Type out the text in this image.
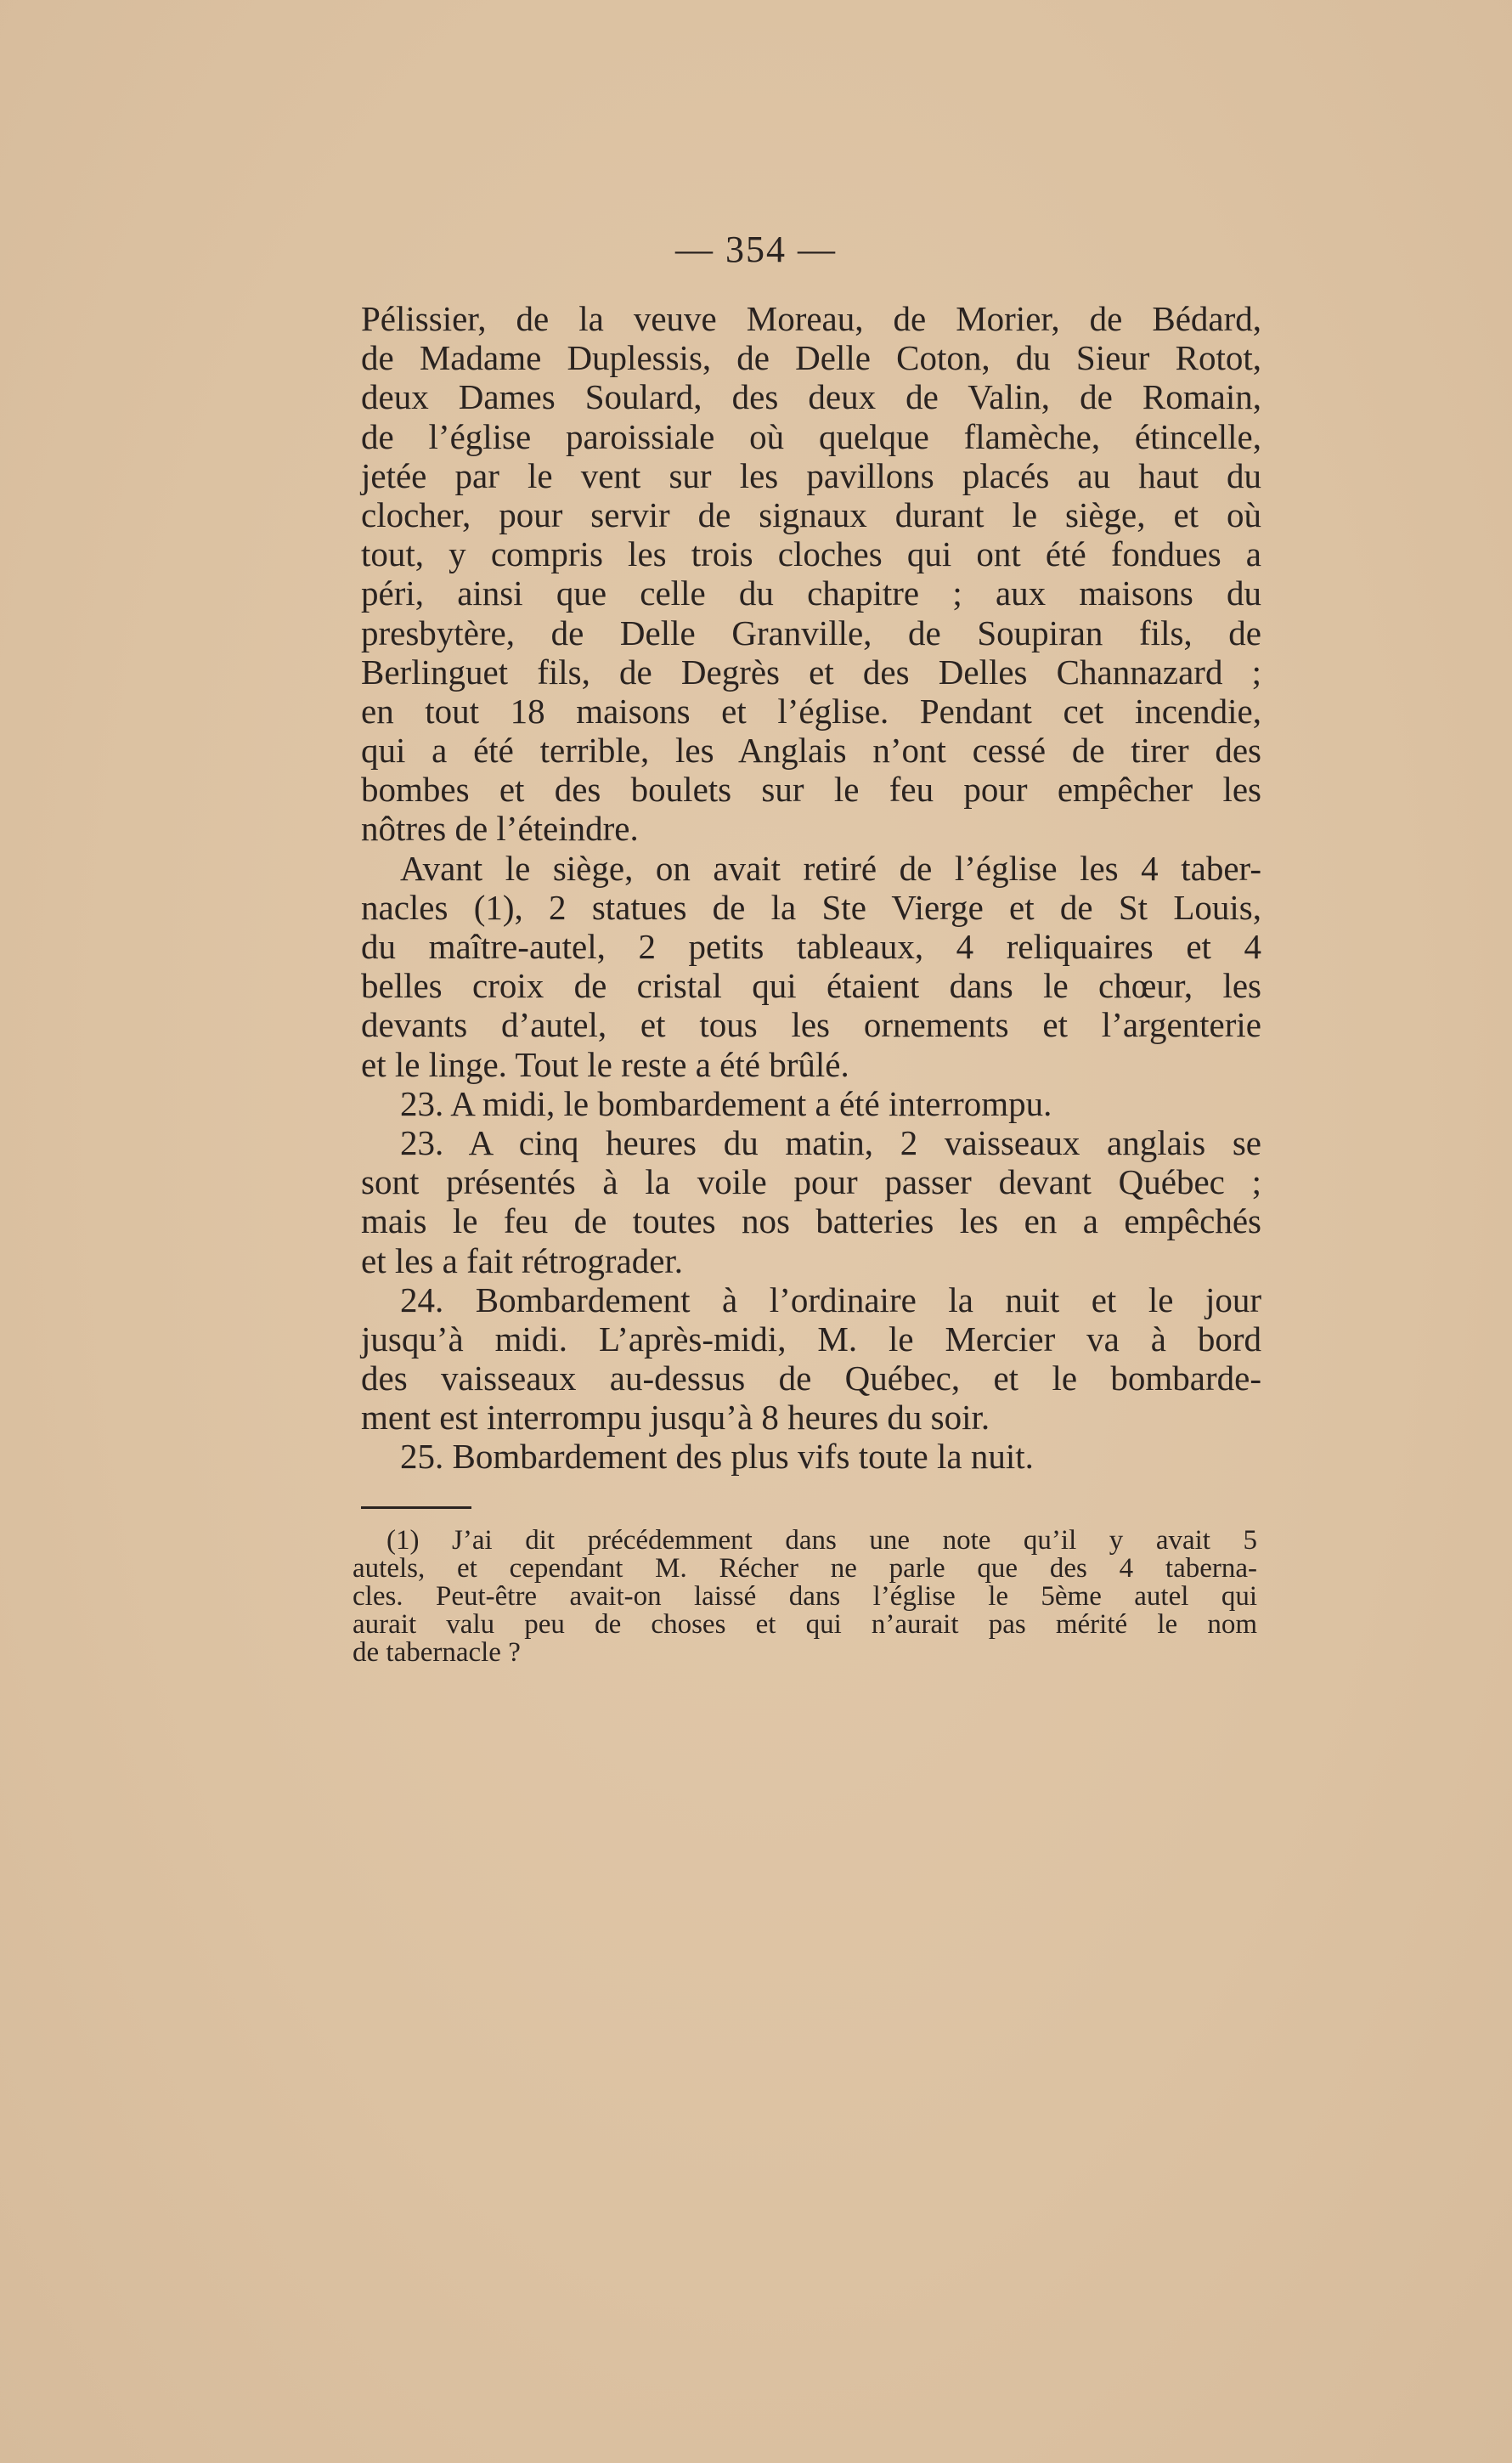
— 354 —
Pélissier, de la veuve Moreau, de Morier, de Bédard,
de Madame Duplessis, de Delle Coton, du Sieur Rotot,
deux Dames Soulard, des deux de Valin, de Romain,
de l’église paroissiale où quelque flamèche, étincelle,
jetée par le vent sur les pavillons placés au haut du
clocher, pour servir de signaux durant le siège, et où
tout, y compris les trois cloches qui ont été fondues a
péri, ainsi que celle du chapitre ; aux maisons du
presbytère, de Delle Granville, de Soupiran fils, de
Berlinguet fils, de Degrès et des Delles Channazard ;
en tout 18 maisons et l’église. Pendant cet incendie,
qui a été terrible, les Anglais n’ont cessé de tirer des
bombes et des boulets sur le feu pour empêcher les
nôtres de l’éteindre.
Avant le siège, on avait retiré de l’église les 4 taber-
nacles (1), 2 statues de la Ste Vierge et de St Louis,
du maître-autel, 2 petits tableaux, 4 reliquaires et 4
belles croix de cristal qui étaient dans le chœur, les
devants d’autel, et tous les ornements et l’argenterie
et le linge. Tout le reste a été brûlé.
23. A midi, le bombardement a été interrompu.
23. A cinq heures du matin, 2 vaisseaux anglais se
sont présentés à la voile pour passer devant Québec ;
mais le feu de toutes nos batteries les en a empêchés
et les a fait rétrograder.
24. Bombardement à l’ordinaire la nuit et le jour
jusqu’à midi. L’après-midi, M. le Mercier va à bord
des vaisseaux au-dessus de Québec, et le bombarde-
ment est interrompu jusqu’à 8 heures du soir.
25. Bombardement des plus vifs toute la nuit.
(1) J’ai dit précédemment dans une note qu’il y avait 5
autels, et cependant M. Récher ne parle que des 4 taberna-
cles. Peut-être avait-on laissé dans l’église le 5ème autel qui
aurait valu peu de choses et qui n’aurait pas mérité le nom
de tabernacle ?
